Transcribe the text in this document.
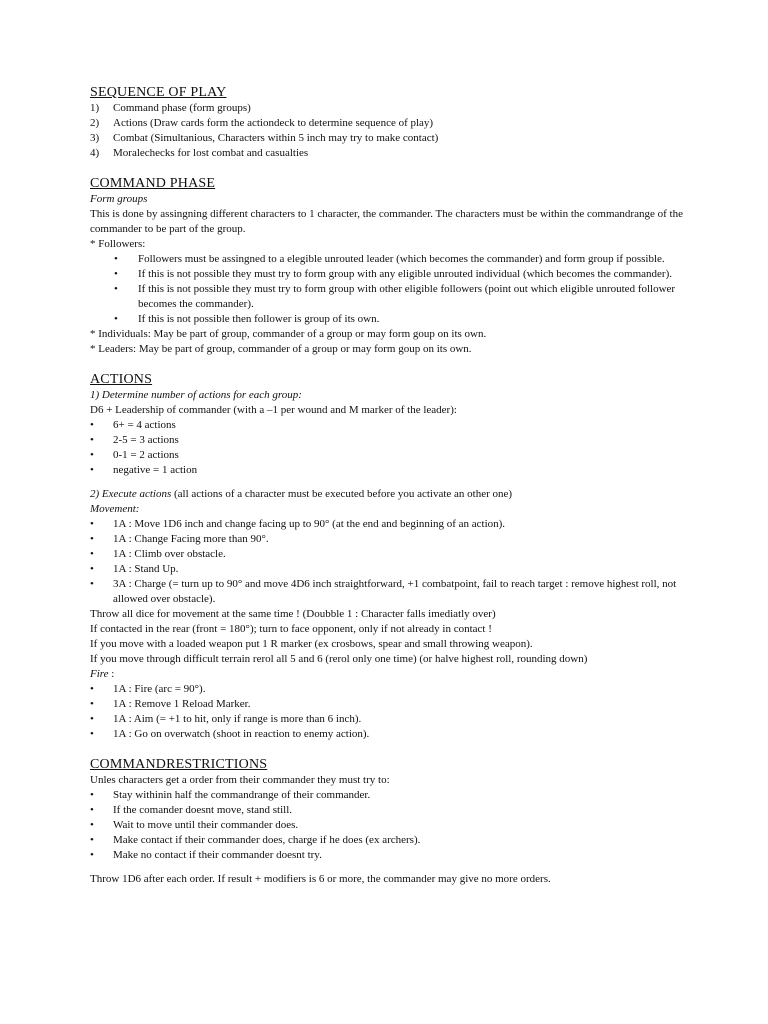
SEQUENCE OF PLAY

1)	Command phase (form groups)
2)	Actions (Draw cards form the actiondeck to determine sequence of play)
3)	Combat (Simultanious, Characters within 5 inch may try to make contact)
4)	Moralechecks for lost combat and casualties

COMMAND PHASE

Form groups

This is done by assingning different characters to 1 character, the commander. The characters must be within the commandrange of the commander to be part of the group.

* Followers:

•	Followers must be assingned to a elegible unrouted leader (which becomes the commander) and form group if possible.
•	If this is not possible they must try to form group with any eligible unrouted individual (which becomes the commander).
•	If this is not possible they must try to form group with other eligible followers (point out which eligible unrouted follower becomes the commander).
•	If this is not possible then follower is group of its own.

* Individuals: May be part of group, commander of a group or may form goup on its own.

* Leaders: May be part of group, commander of a group or may form goup on its own.

ACTIONS

1) Determine number of actions for each group:

D6 + Leadership of commander (with a –1 per wound and M marker of the leader):

•	6+ = 4 actions
•	2-5 = 3 actions
•	0-1 = 2 actions
•	negative = 1 action

2) Execute actions (all actions of a character must be executed before you activate an other one)

Movement:

•	1A : Move 1D6 inch and change facing up to 90° (at the end and beginning of an action).
•	1A : Change Facing more than 90°.
•	1A : Climb over obstacle.
•	1A : Stand Up.
•	3A : Charge (= turn up to 90° and move 4D6 inch straightforward, +1 combatpoint, fail to reach target : remove highest roll, not allowed over obstacle).

Throw all dice for movement at the same time ! (Doubble 1 : Character falls imediatly over)

If contacted in the rear (front = 180°); turn to face opponent, only if not already in contact !

If you move with a loaded weapon put 1 R marker (ex crosbows, spear and small throwing weapon).

If you move through difficult terrain rerol all 5 and 6 (rerol only one time) (or halve highest roll, rounding down)

Fire :

•	1A : Fire (arc = 90°).
•	1A : Remove 1 Reload Marker.
•	1A : Aim (= +1 to hit, only if range is more than 6 inch).
•	1A : Go on overwatch (shoot in reaction to enemy action).

COMMANDRESTRICTIONS

Unles characters get a order from their commander they must try to:

•	Stay withinin half the commandrange of their commander.
•	If the comander doesnt move, stand still.
•	Wait to move until their commander does.
•	Make contact if their commander does, charge if he does (ex archers).
•	Make no contact if their commander doesnt try.

Throw 1D6 after each order. If result + modifiers is 6 or more, the commander may give no more orders.
